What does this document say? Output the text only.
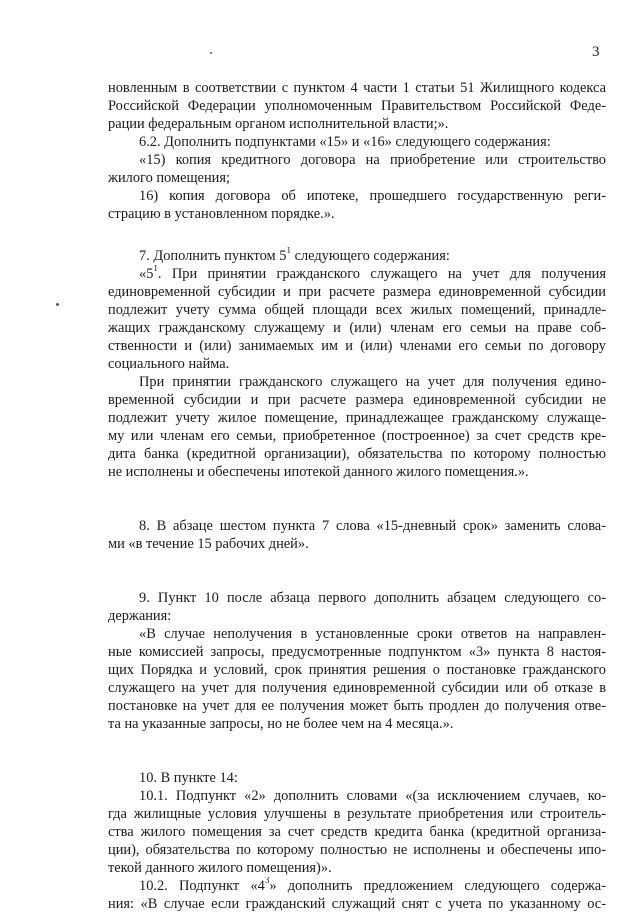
3
новленным в соответствии с пунктом 4 части 1 статьи 51 Жилищного кодекса
Российской Федерации уполномоченным Правительством Российской Феде-
рации федеральным органом исполнительной власти;».
6.2. Дополнить подпунктами «15» и «16» следующего содержания:
«15) копия кредитного договора на приобретение или строительство
жилого помещения;
16) копия договора об ипотеке, прошедшего государственную реги-
страцию в установленном порядке.».
7. Дополнить пунктом $5^1$ следующего содержания:
«$5^1$. При принятии гражданского служащего на учет для получения
единовременной субсидии и при расчете размера единовременной субсидии
подлежит учету сумма общей площади всех жилых помещений, принадле-
жащих гражданскому служащему и (или) членам его семьи на праве соб-
ственности и (или) занимаемых им и (или) членами его семьи по договору
социального найма.
При принятии гражданского служащего на учет для получения едино-
временной субсидии и при расчете размера единовременной субсидии не
подлежит учету жилое помещение, принадлежащее гражданскому служаще-
му или членам его семьи, приобретенное (построенное) за счет средств кре-
дита банка (кредитной организации), обязательства по которому полностью
не исполнены и обеспечены ипотекой данного жилого помещения.».
8. В абзаце шестом пункта 7 слова «15-дневный срок» заменить слова-
ми «в течение 15 рабочих дней».
9. Пункт 10 после абзаца первого дополнить абзацем следующего со-
держания:
«В случае неполучения в установленные сроки ответов на направлен-
ные комиссией запросы, предусмотренные подпунктом «3» пункта 8 настоя-
щих Порядка и условий, срок принятия решения о постановке гражданского
служащего на учет для получения единовременной субсидии или об отказе в
постановке на учет для ее получения может быть продлен до получения отве-
та на указанные запросы, но не более чем на 4 месяца.».
10. В пункте 14:
10.1. Подпункт «2» дополнить словами «(за исключением случаев, ко-
гда жилищные условия улучшены в результате приобретения или строитель-
ства жилого помещения за счет средств кредита банка (кредитной организа-
ции), обязательства по которому полностью не исполнены и обеспечены ипо-
текой данного жилого помещения)».
10.2. Подпункт «$4^3$» дополнить предложением следующего содержа-
ния: «В случае если гражданский служащий снят с учета по указанному ос-
